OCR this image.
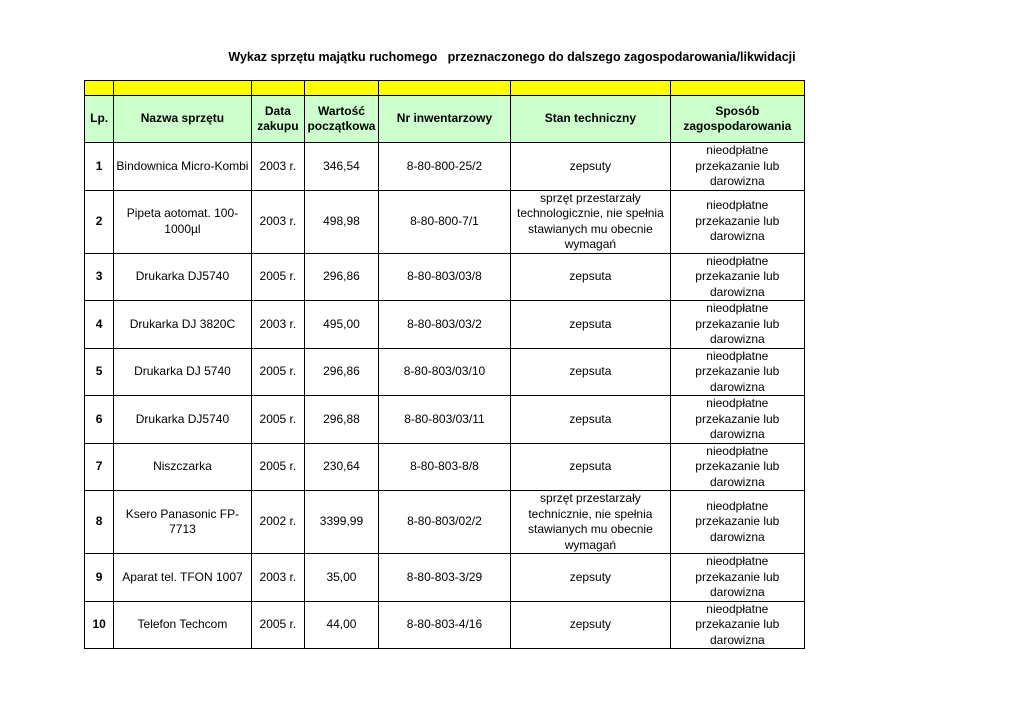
Wykaz sprzętu majątku ruchomego   przeznaczonego do dalszego zagospodarowania/likwidacji

Lp.	Nazwa sprzętu	Data zakupu	Wartość początkowa	Nr inwentarzowy	Stan techniczny	Sposób zagospodarowania
1	Bindownica Micro-Kombi	2003 r.	346,54	8-80-800-25/2	zepsuty	nieodpłatne przekazanie lub darowizna
2	Pipeta aotomat. 100-1000µl	2003 r.	498,98	8-80-800-7/1	sprzęt przestarzały technologicznie, nie spełnia stawianych mu obecnie wymagań	nieodpłatne przekazanie lub darowizna
3	Drukarka DJ5740	2005 r.	296,86	8-80-803/03/8	zepsuta	nieodpłatne przekazanie lub darowizna
4	Drukarka DJ 3820C	2003 r.	495,00	8-80-803/03/2	zepsuta	nieodpłatne przekazanie lub darowizna
5	Drukarka DJ 5740	2005 r.	296,86	8-80-803/03/10	zepsuta	nieodpłatne przekazanie lub darowizna
6	Drukarka DJ5740	2005 r.	296,88	8-80-803/03/11	zepsuta	nieodpłatne przekazanie lub darowizna
7	Niszczarka	2005 r.	230,64	8-80-803-8/8	zepsuta	nieodpłatne przekazanie lub darowizna
8	Ksero Panasonic FP-7713	2002 r.	3399,99	8-80-803/02/2	sprzęt przestarzały technicznie, nie spełnia stawianych mu obecnie wymagań	nieodpłatne przekazanie lub darowizna
9	Aparat tel. TFON 1007	2003 r.	35,00	8-80-803-3/29	zepsuty	nieodpłatne przekazanie lub darowizna
10	Telefon Techcom	2005 r.	44,00	8-80-803-4/16	zepsuty	nieodpłatne przekazanie lub darowizna
